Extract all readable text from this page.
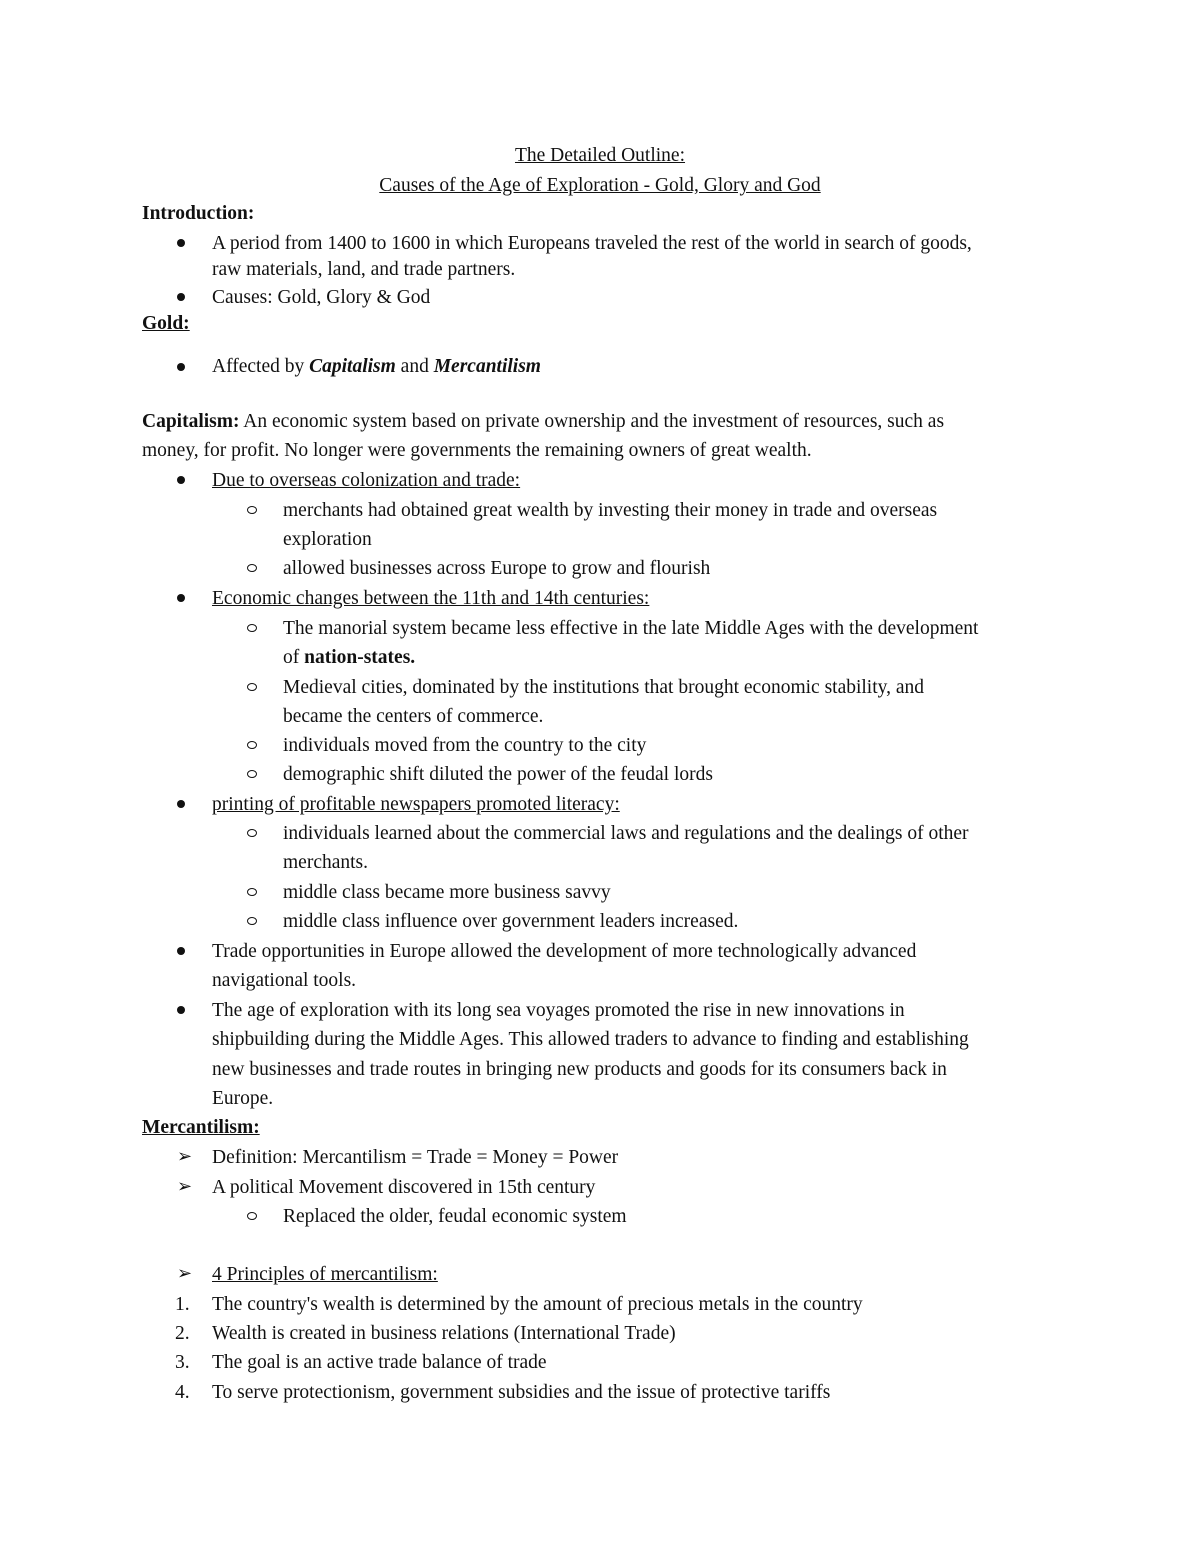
The Detailed Outline:
Causes of the Age of Exploration - Gold, Glory and God
Introduction:
A period from 1400 to 1600 in which Europeans traveled the rest of the world in search of goods,
raw materials, land, and trade partners.
Causes: Gold, Glory & God
Gold:
Affected by Capitalism and Mercantilism
Capitalism: An economic system based on private ownership and the investment of resources, such as
money, for profit. No longer were governments the remaining owners of great wealth.
Due to overseas colonization and trade:
merchants had obtained great wealth by investing their money in trade and overseas
exploration
allowed businesses across Europe to grow and flourish
Economic changes between the 11th and 14th centuries:
The manorial system became less effective in the late Middle Ages with the development
of nation-states.
Medieval cities, dominated by the institutions that brought economic stability, and
became the centers of commerce.
individuals moved from the country to the city
demographic shift diluted the power of the feudal lords
printing of profitable newspapers promoted literacy:
individuals learned about the commercial laws and regulations and the dealings of other
merchants.
middle class became more business savvy
middle class influence over government leaders increased.
Trade opportunities in Europe allowed the development of more technologically advanced
navigational tools.
The age of exploration with its long sea voyages promoted the rise in new innovations in
shipbuilding during the Middle Ages. This allowed traders to advance to finding and establishing
new businesses and trade routes in bringing new products and goods for its consumers back in
Europe.
Mercantilism:
➢ Definition: Mercantilism = Trade = Money = Power
➢ A political Movement discovered in 15th century
Replaced the older, feudal economic system
➢ 4 Principles of mercantilism:
1. The country's wealth is determined by the amount of precious metals in the country
2. Wealth is created in business relations (International Trade)
3. The goal is an active trade balance of trade
4. To serve protectionism, government subsidies and the issue of protective tariffs
